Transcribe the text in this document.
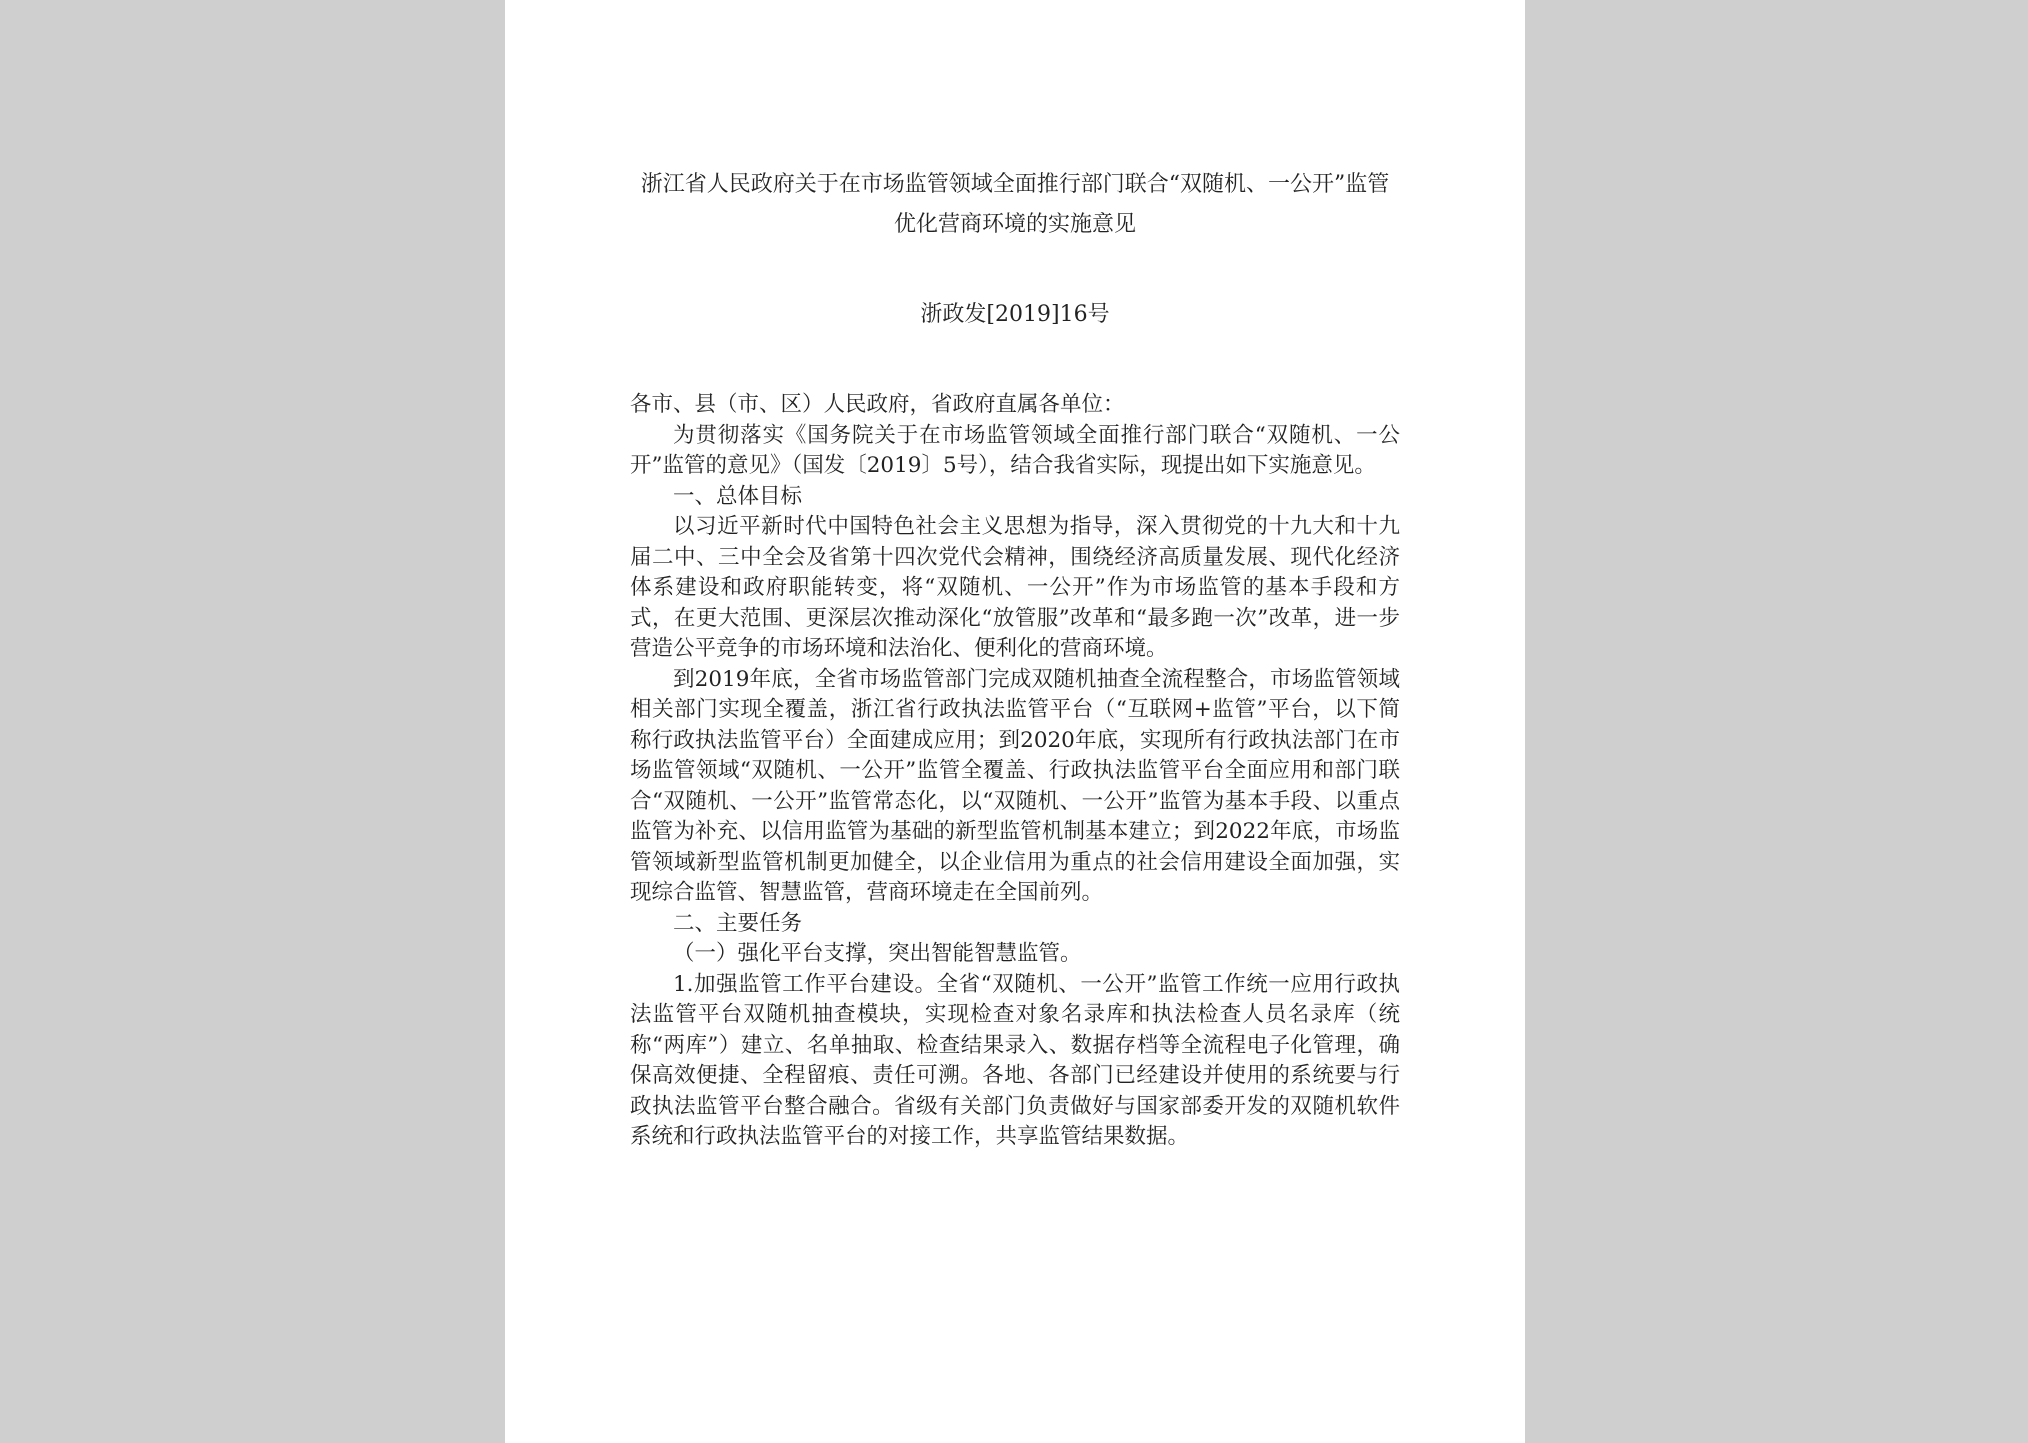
浙江省人民政府关于在市场监管领域全面推行部门联合“双随机、一公开”监管优化营商环境的实施意见
浙政发[2019]16号

各市、县（市、区）人民政府，省政府直属各单位：

为贯彻落实《国务院关于在市场监管领域全面推行部门联合“双随机、一公开”监管的意见》（国发〔2019〕5号），结合我省实际，现提出如下实施意见。

一、总体目标

以习近平新时代中国特色社会主义思想为指导，深入贯彻党的十九大和十九届二中、三中全会及省第十四次党代会精神，围绕经济高质量发展、现代化经济体系建设和政府职能转变，将“双随机、一公开”作为市场监管的基本手段和方式，在更大范围、更深层次推动深化“放管服”改革和“最多跑一次”改革，进一步营造公平竞争的市场环境和法治化、便利化的营商环境。

到2019年底，全省市场监管部门完成双随机抽查全流程整合，市场监管领域相关部门实现全覆盖，浙江省行政执法监管平台（“互联网+监管”平台，以下简称行政执法监管平台）全面建成应用；到2020年底，实现所有行政执法部门在市场监管领域“双随机、一公开”监管全覆盖、行政执法监管平台全面应用和部门联合“双随机、一公开”监管常态化，以“双随机、一公开”监管为基本手段、以重点监管为补充、以信用监管为基础的新型监管机制基本建立；到2022年底，市场监管领域新型监管机制更加健全，以企业信用为重点的社会信用建设全面加强，实现综合监管、智慧监管，营商环境走在全国前列。

二、主要任务

（一）强化平台支撑，突出智能智慧监管。

1.加强监管工作平台建设。全省“双随机、一公开”监管工作统一应用行政执法监管平台双随机抽查模块，实现检查对象名录库和执法检查人员名录库（统称“两库”）建立、名单抽取、检查结果录入、数据存档等全流程电子化管理，确保高效便捷、全程留痕、责任可溯。各地、各部门已经建设并使用的系统要与行政执法监管平台整合融合。省级有关部门负责做好与国家部委开发的双随机软件系统和行政执法监管平台的对接工作，共享监管结果数据。
